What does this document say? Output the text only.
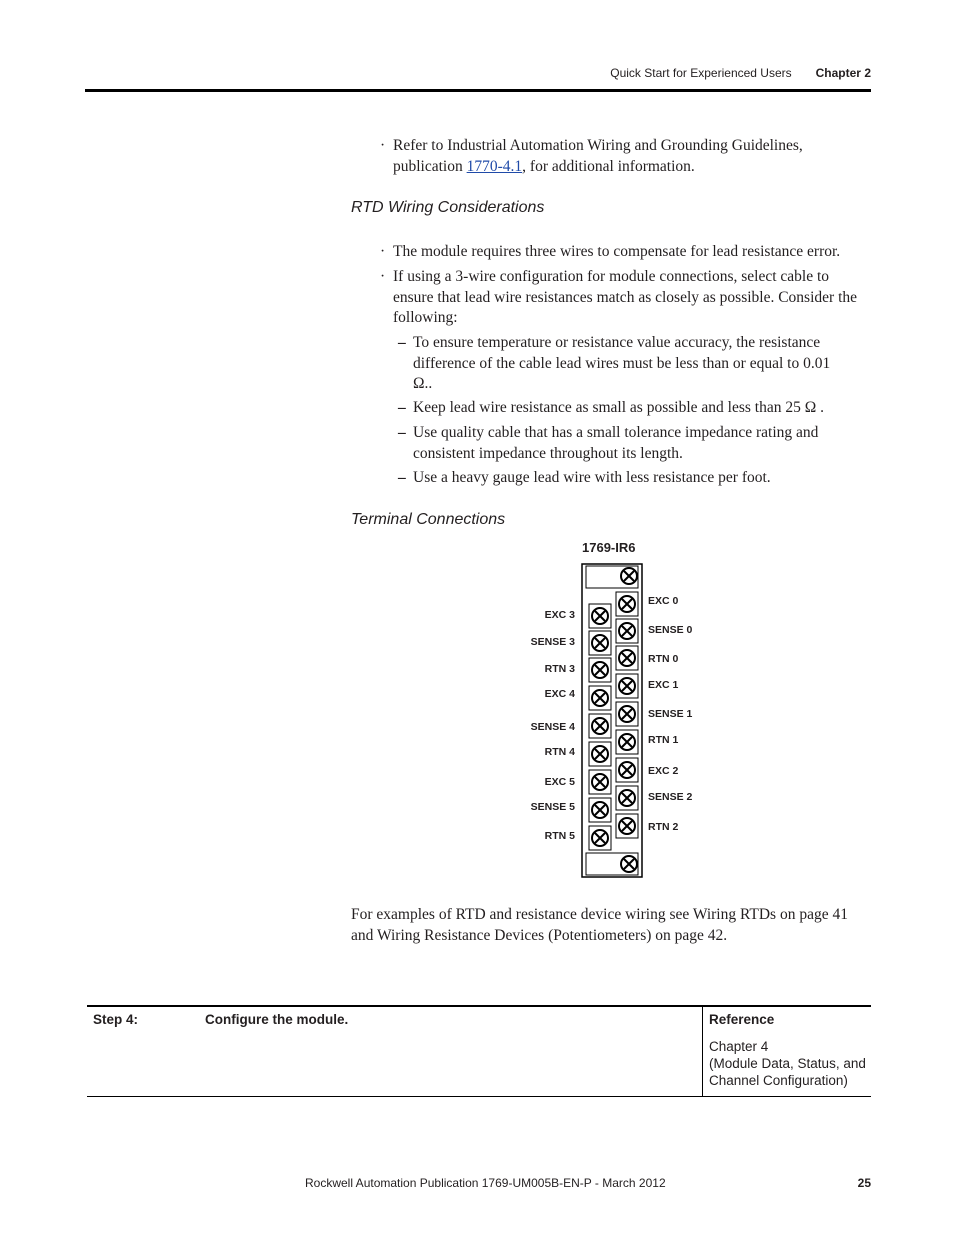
Quick Start for Experienced Users Chapter 2
· Refer to Industrial Automation Wiring and Grounding Guidelines, publication 1770-4.1, for additional information.
RTD Wiring Considerations
· The module requires three wires to compensate for lead resistance error.
· If using a 3-wire configuration for module connections, select cable to ensure that lead wire resistances match as closely as possible. Consider the following:
– To ensure temperature or resistance value accuracy, the resistance difference of the cable lead wires must be less than or equal to 0.01 Ω..
– Keep lead wire resistance as small as possible and less than 25 Ω .
– Use quality cable that has a small tolerance impedance rating and consistent impedance throughout its length.
– Use a heavy gauge lead wire with less resistance per foot.
Terminal Connections
1769-IR6
EXC 3
SENSE 3
RTN 3
EXC 4
SENSE 4
RTN 4
EXC 5
SENSE 5
RTN 5
EXC 0
SENSE 0
RTN 0
EXC 1
SENSE 1
RTN 1
EXC 2
SENSE 2
RTN 2
For examples of RTD and resistance device wiring see Wiring RTDs on page 41 and Wiring Resistance Devices (Potentiometers) on page 42.
Step 4:	Configure the module.	Reference
Chapter 4
(Module Data, Status, and
Channel Configuration)
Rockwell Automation Publication 1769-UM005B-EN-P - March 2012	25
